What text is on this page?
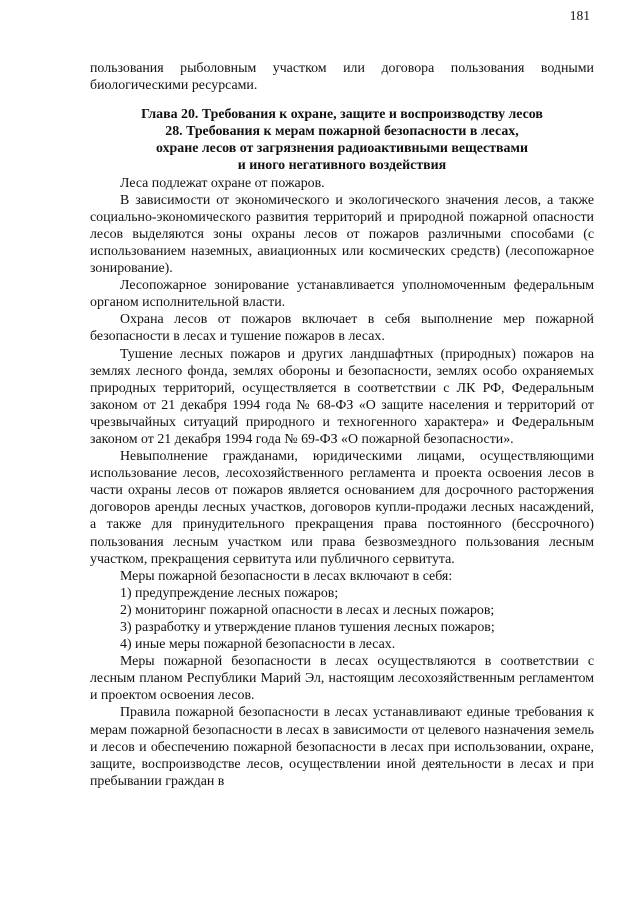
181

пользования рыболовным участком или договора пользования водными биологическими ресурсами.

Глава 20. Требования к охране, защите и воспроизводству лесов
28. Требования к мерам пожарной безопасности в лесах,
охране лесов от загрязнения радиоактивными веществами
и иного негативного воздействия

Леса подлежат охране от пожаров.

В зависимости от экономического и экологического значения лесов, а также социально-экономического развития территорий и природной пожарной опасности лесов выделяются зоны охраны лесов от пожаров различными способами (с использованием наземных, авиационных или космических средств) (лесопожарное зонирование).

Лесопожарное зонирование устанавливается уполномоченным федеральным органом исполнительной власти.

Охрана лесов от пожаров включает в себя выполнение мер пожарной безопасности в лесах и тушение пожаров в лесах.

Тушение лесных пожаров и других ландшафтных (природных) пожаров на землях лесного фонда, землях обороны и безопасности, землях особо охраняемых природных территорий, осуществляется в соответствии с ЛК РФ, Федеральным законом от 21 декабря 1994 года № 68-ФЗ «О защите населения и территорий от чрезвычайных ситуаций природного и техногенного характера» и Федеральным законом от 21 декабря 1994 года № 69-ФЗ «О пожарной безопасности».

Невыполнение гражданами, юридическими лицами, осуществляющими использование лесов, лесохозяйственного регламента и проекта освоения лесов в части охраны лесов от пожаров является основанием для досрочного расторжения договоров аренды лесных участков, договоров купли-продажи лесных насаждений, а также для принудительного прекращения права постоянного (бессрочного) пользования лесным участком или права безвозмездного пользования лесным участком, прекращения сервитута или публичного сервитута.

Меры пожарной безопасности в лесах включают в себя:

1) предупреждение лесных пожаров;

2) мониторинг пожарной опасности в лесах и лесных пожаров;

3) разработку и утверждение планов тушения лесных пожаров;

4) иные меры пожарной безопасности в лесах.

Меры пожарной безопасности в лесах осуществляются в соответствии с лесным планом Республики Марий Эл, настоящим лесохозяйственным регламентом и проектом освоения лесов.

Правила пожарной безопасности в лесах устанавливают единые требования к мерам пожарной безопасности в лесах в зависимости от целевого назначения земель и лесов и обеспечению пожарной безопасности в лесах при использовании, охране, защите, воспроизводстве лесов, осуществлении иной деятельности в лесах и при пребывании граждан в
